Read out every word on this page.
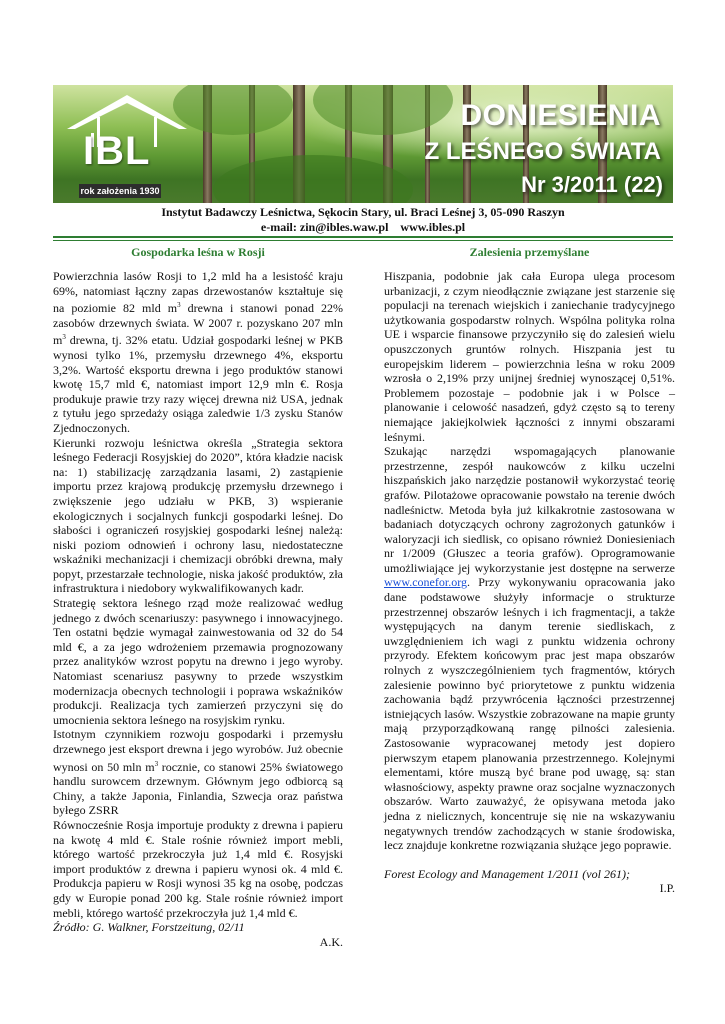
IBL
rok założenia 1930
DONIESIENIA
Z LEŚNEGO ŚWIATA
Nr 3/2011 (22)
Instytut Badawczy Leśnictwa, Sękocin Stary, ul. Braci Leśnej 3, 05-090 Raszyn
e-mail: zin@ibles.waw.pl    www.ibles.pl
Gospodarka leśna w Rosji

Powierzchnia lasów Rosji to 1,2 mld ha a lesistość kraju 69%, natomiast łączny zapas drzewostanów kształtuje się na poziomie 82 mld $m^3$ drewna i stanowi ponad 22% zasobów drzewnych świata. W 2007 r. pozyskano 207 mln $m^3$ drewna, tj. 32% etatu. Udział gospodarki leśnej w PKB wynosi tylko 1%, przemysłu drzewnego 4%, eksportu 3,2%. Wartość eksportu drewna i jego produktów stanowi kwotę 15,7 mld €, natomiast import 12,9 mln €. Rosja produkuje prawie trzy razy więcej drewna niż USA, jednak z tytułu jego sprzedaży osiąga zaledwie 1/3 zysku Stanów Zjednoczonych.

Kierunki rozwoju leśnictwa określa „Strategia sektora leśnego Federacji Rosyjskiej do 2020”, która kładzie nacisk na: 1) stabilizację zarządzania lasami, 2) zastąpienie importu przez krajową produkcję przemysłu drzewnego i zwiększenie jego udziału w PKB, 3) wspieranie ekologicznych i socjalnych funkcji gospodarki leśnej. Do słabości i ograniczeń rosyjskiej gospodarki leśnej należą: niski poziom odnowień i ochrony lasu, niedostateczne wskaźniki mechanizacji i chemizacji obróbki drewna, mały popyt, przestarzałe technologie, niska jakość produktów, zła infrastruktura i niedobory wykwalifikowanych kadr.

Strategię sektora leśnego rząd może realizować według jednego z dwóch scenariuszy: pasywnego i innowacyjnego. Ten ostatni będzie wymagał zainwestowania od 32 do 54 mld €, a za jego wdrożeniem przemawia prognozowany przez analityków wzrost popytu na drewno i jego wyroby. Natomiast scenariusz pasywny to przede wszystkim modernizacja obecnych technologii i poprawa wskaźników produkcji. Realizacja tych zamierzeń przyczyni się do umocnienia sektora leśnego na rosyjskim rynku.

Istotnym czynnikiem rozwoju gospodarki i przemysłu drzewnego jest eksport drewna i jego wyrobów. Już obecnie wynosi on 50 mln $m^3$ rocznie, co stanowi 25% światowego handlu surowcem drzewnym. Głównym jego odbiorcą są Chiny, a także Japonia, Finlandia, Szwecja oraz państwa byłego ZSRR

Równocześnie Rosja importuje produkty z drewna i papieru na kwotę 4 mld €. Stale rośnie również import mebli, którego wartość przekroczyła już 1,4 mld €. Rosyjski import produktów z drewna i papieru wynosi ok. 4 mld €. Produkcja papieru w Rosji wynosi 35 kg na osobę, podczas gdy w Europie ponad 200 kg. Stale rośnie również import mebli, którego wartość przekroczyła już 1,4 mld €.

Źródło: G. Walkner, Forstzeitung, 02/11

A.K.

Zalesienia przemyślane

Hiszpania, podobnie jak cała Europa ulega procesom urbanizacji, z czym nieodłącznie związane jest starzenie się populacji na terenach wiejskich i zaniechanie tradycyjnego użytkowania gospodarstw rolnych. Wspólna polityka rolna UE i wsparcie finansowe przyczyniło się do zalesień wielu opuszczonych gruntów rolnych. Hiszpania jest tu europejskim liderem – powierzchnia leśna w roku 2009 wzrosła o 2,19% przy unijnej średniej wynoszącej 0,51%. Problemem pozostaje – podobnie jak i w Polsce – planowanie i celowość nasadzeń, gdyż często są to tereny niemające jakiejkolwiek łączności z innymi obszarami leśnymi.

Szukając narzędzi wspomagających planowanie przestrzenne, zespół naukowców z kilku uczelni hiszpańskich jako narzędzie postanowił wykorzystać teorię grafów. Pilotażowe opracowanie powstało na terenie dwóch nadleśnictw. Metoda była już kilkakrotnie zastosowana w badaniach dotyczących ochrony zagrożonych gatunków i waloryzacji ich siedlisk, co opisano również Doniesieniach nr 1/2009 (Głuszec a teoria grafów). Oprogramowanie umożliwiające jej wykorzystanie jest dostępne na serwerze www.conefor.org. Przy wykonywaniu opracowania jako dane podstawowe służyły informacje o strukturze przestrzennej obszarów leśnych i ich fragmentacji, a także występujących na danym terenie siedliskach, z uwzględnieniem ich wagi z punktu widzenia ochrony przyrody. Efektem końcowym prac jest mapa obszarów rolnych z wyszczególnieniem tych fragmentów, których zalesienie powinno być priorytetowe z punktu widzenia zachowania bądź przywrócenia łączności przestrzennej istniejących lasów. Wszystkie zobrazowane na mapie grunty mają przyporządkowaną rangę pilności zalesienia. Zastosowanie wypracowanej metody jest dopiero pierwszym etapem planowania przestrzennego. Kolejnymi elementami, które muszą być brane pod uwagę, są: stan własnościowy, aspekty prawne oraz socjalne wyznaczonych obszarów. Warto zauważyć, że opisywana metoda jako jedna z nielicznych, koncentruje się nie na wskazywaniu negatywnych trendów zachodzących w stanie środowiska, lecz znajduje konkretne rozwiązania służące jego poprawie.

Forest Ecology and Management 1/2011 (vol 261);

I.P.
